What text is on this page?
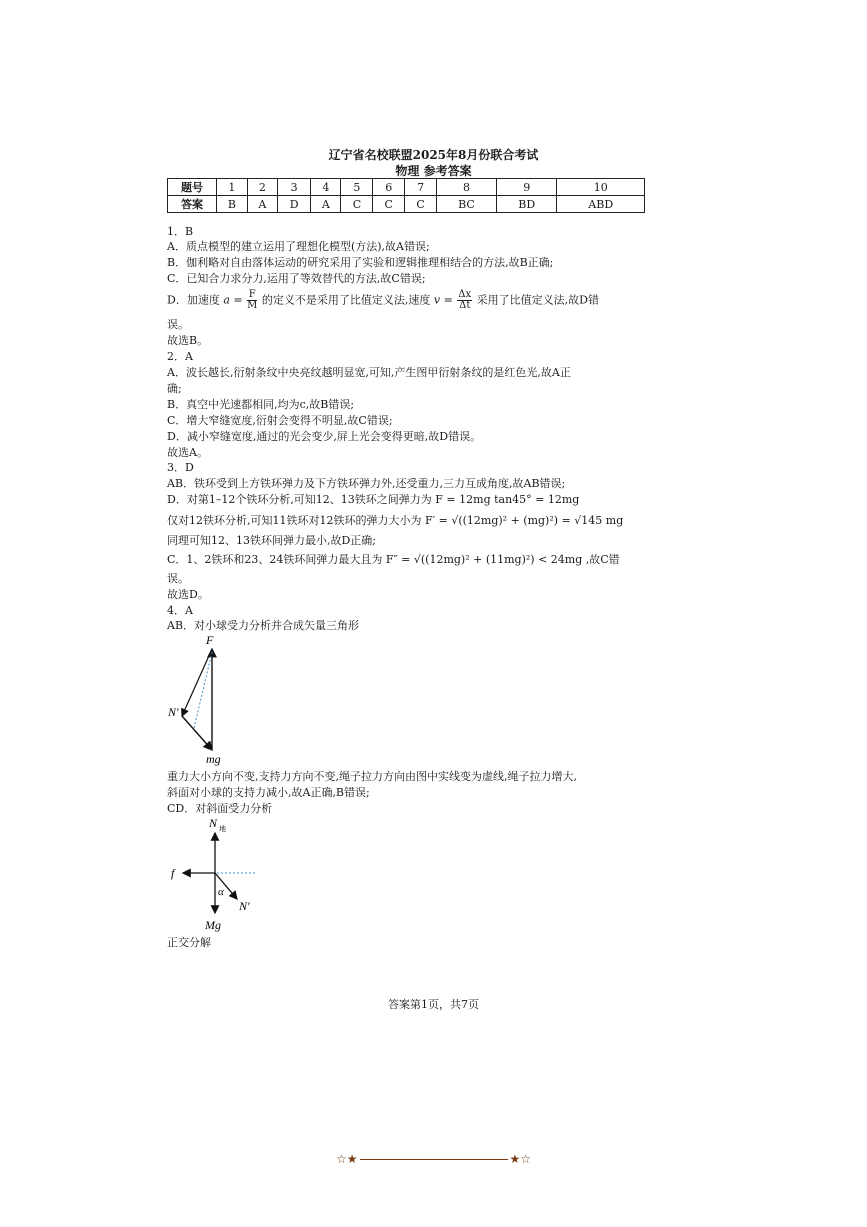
辽宁省名校联盟2025年8月份联合考试
物理 参考答案
题号	1	2	3	4	5	6	7	8	9	10
答案	B	A	D	A	C	C	C	BC	BD	ABD
1．B
A．质点模型的建立运用了理想化模型(方法),故A错误;
B．伽利略对自由落体运动的研究采用了实验和逻辑推理相结合的方法,故B正确;
C．已知合力求分力,运用了等效替代的方法,故C错误;
D．加速度 $a = \frac{F}{M}$ 的定义不是采用了比值定义法,速度 $v = \frac{\Delta x}{\Delta t}$ 采用了比值定义法,故D错
误。
故选B。
2．A
A．波长越长,衍射条纹中央亮纹越明显宽,可知,产生图甲衍射条纹的是红色光,故A正
确;
B．真空中光速都相同,均为c,故B错误;
C．增大窄缝宽度,衍射会变得不明显,故C错误;
D．减小窄缝宽度,通过的光会变少,屏上光会变得更暗,故D错误。
故选A。
3．D
AB．铁环受到上方铁环弹力及下方铁环弹力外,还受重力,三力互成角度,故AB错误;
D．对第1–12个铁环分析,可知12、13铁环之间弹力为 F = 12mg tan45° = 12mg
仅对12铁环分析,可知11铁环对12铁环的弹力大小为 F′ = √((12mg)² + (mg)²) = √145 mg
同理可知12、13铁环间弹力最小,故D正确;
C．1、2铁环和23、24铁环间弹力最大且为 F″ = √((12mg)² + (11mg)²) < 24mg ,故C错
误。
故选D。
4．A
AB．对小球受力分析并合成矢量三角形
F
N′
mg
重力大小方向不变,支持力方向不变,绳子拉力方向由图中实线变为虚线,绳子拉力增大,
斜面对小球的支持力减小,故A正确,B错误;
CD．对斜面受力分析
N 地
f
α
N′
Mg
正交分解
答案第1页，共7页
☆★	★☆
